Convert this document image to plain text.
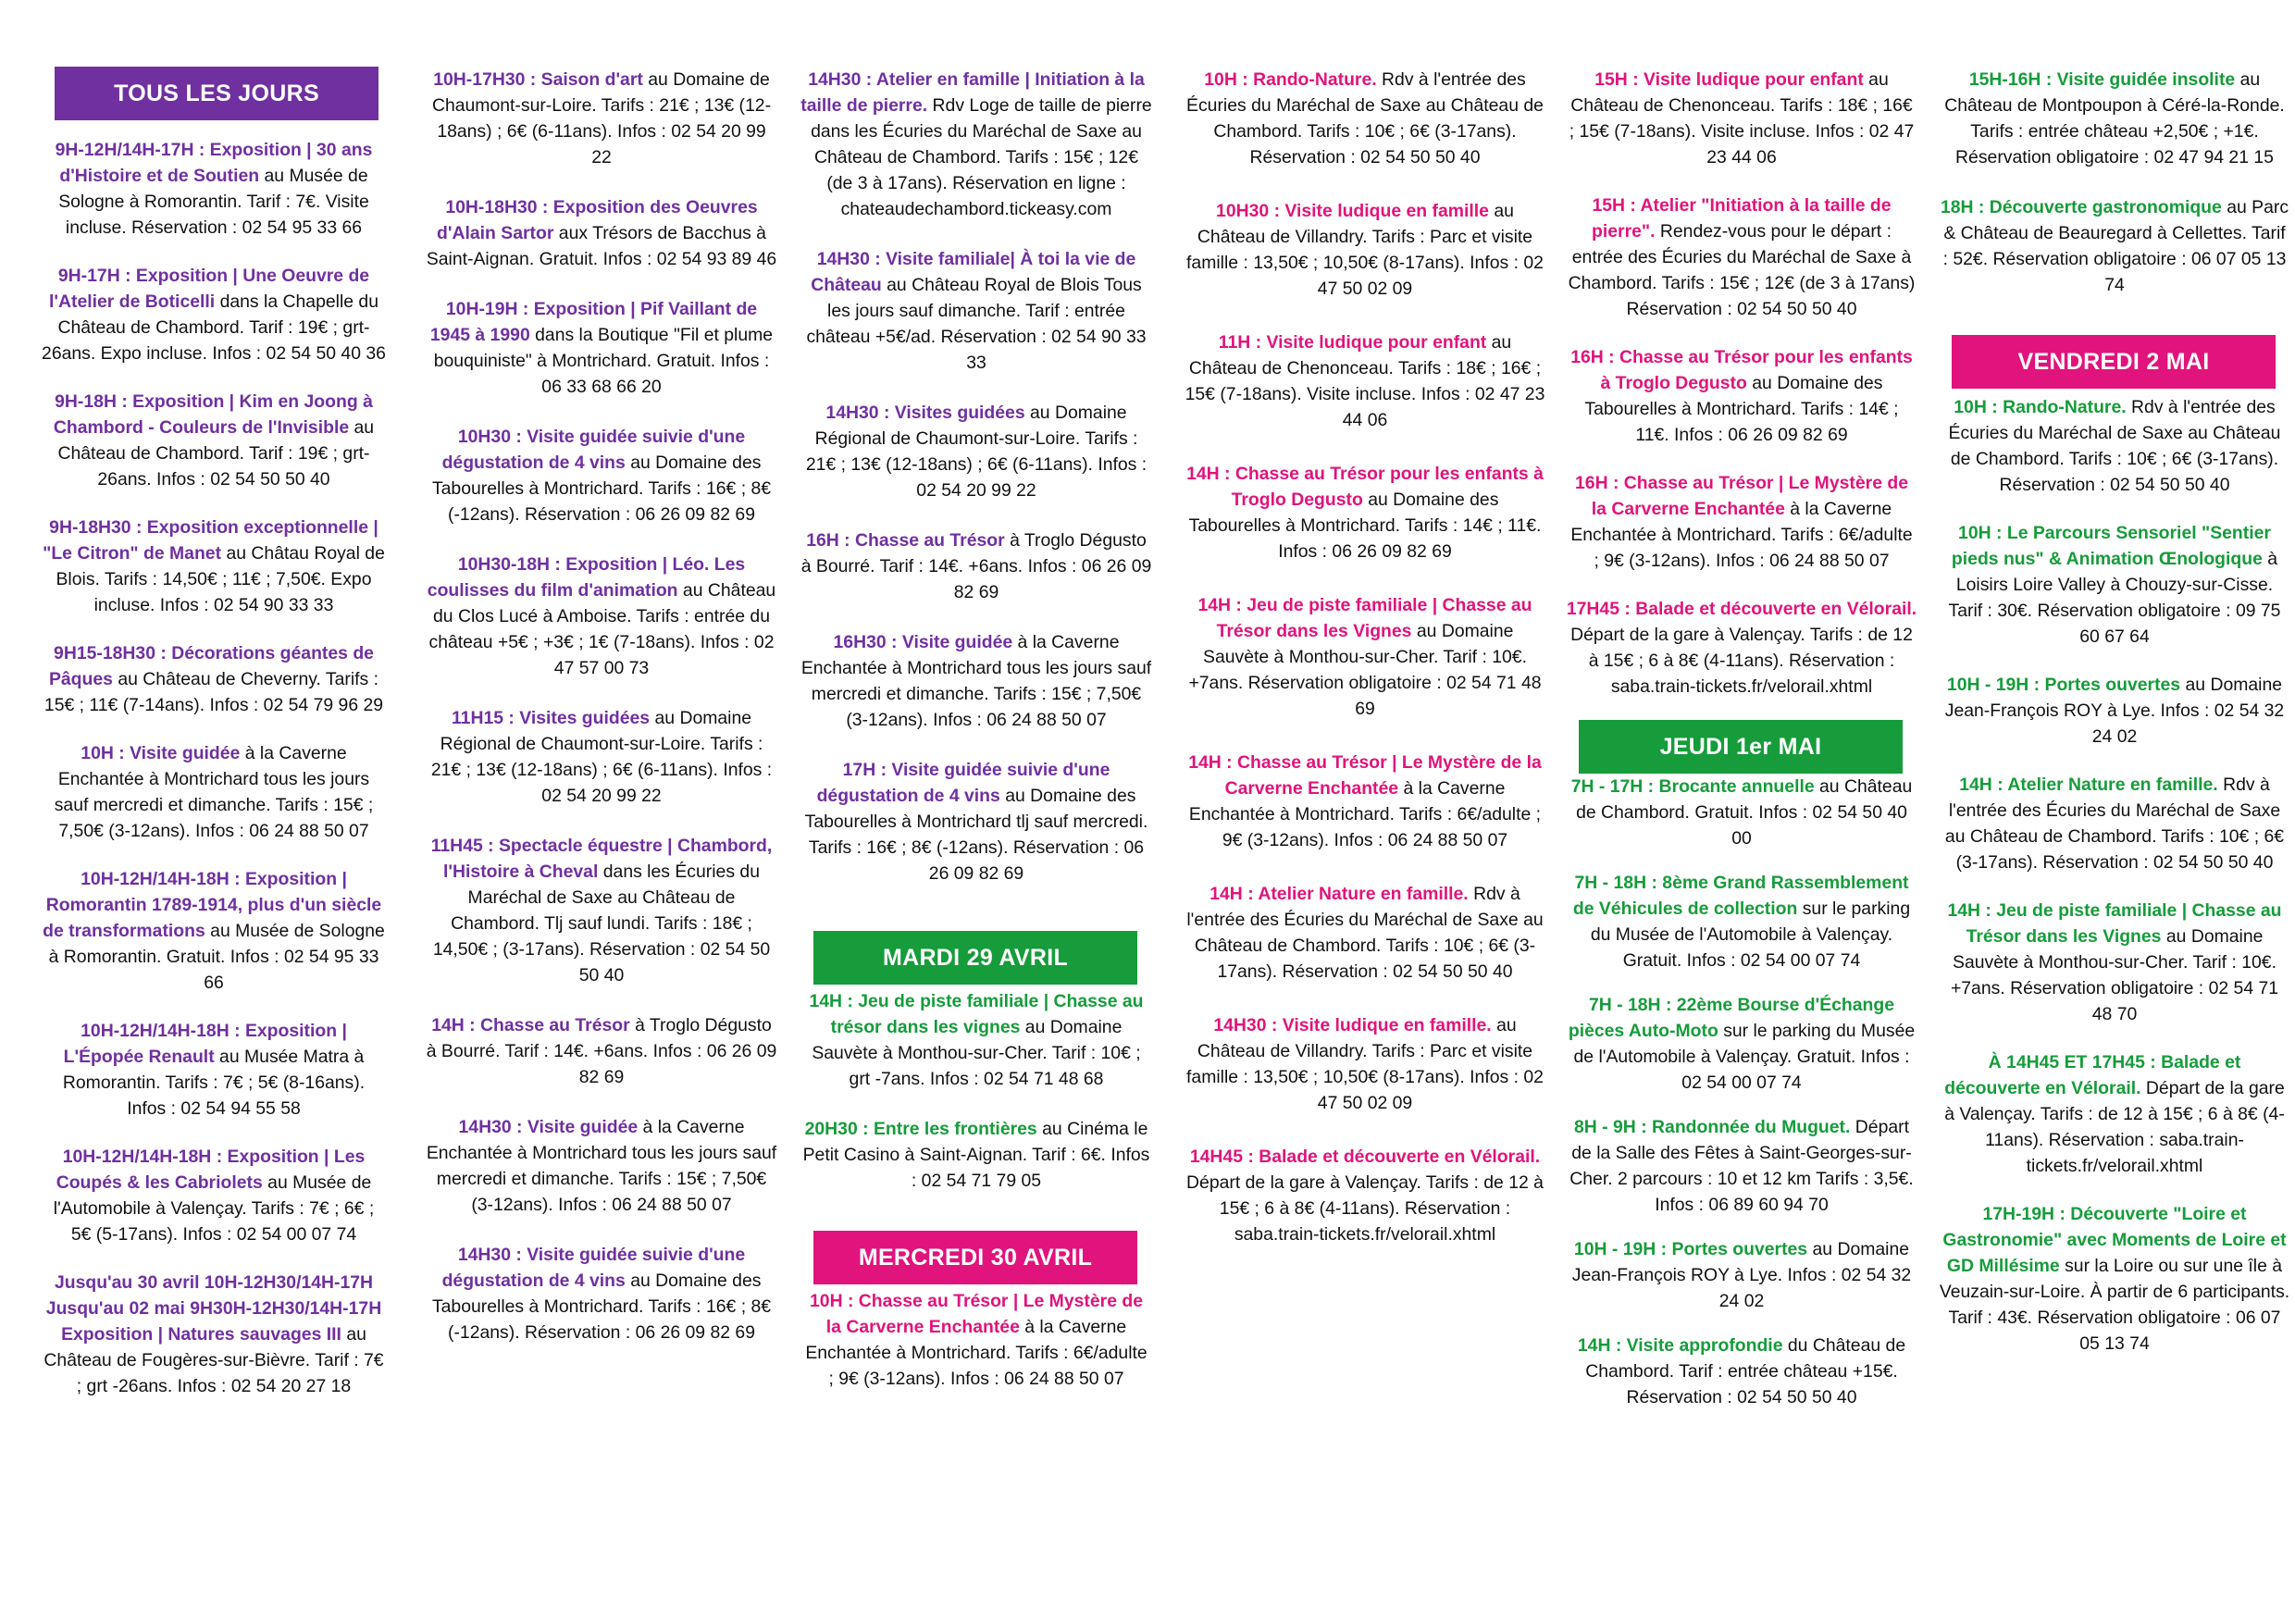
TOUS LES JOURS

9H-12H/14H-17H : Exposition | 30 ans d'Histoire et de Soutien au Musée de Sologne à Romorantin. Tarif : 7€. Visite incluse. Réservation : 02 54 95 33 66

9H-17H : Exposition | Une Oeuvre de l'Atelier de Boticelli dans la Chapelle du Château de Chambord. Tarif : 19€ ; grt-26ans. Expo incluse. Infos : 02 54 50 40 36

9H-18H : Exposition | Kim en Joong à Chambord - Couleurs de l'Invisible au Château de Chambord. Tarif : 19€ ; grt-26ans. Infos : 02 54 50 50 40

9H-18H30 : Exposition exceptionnelle | "Le Citron" de Manet au Châtau Royal de Blois. Tarifs : 14,50€ ; 11€ ; 7,50€. Expo incluse. Infos : 02 54 90 33 33

9H15-18H30 : Décorations géantes de Pâques au Château de Cheverny. Tarifs : 15€ ; 11€ (7-14ans). Infos : 02 54 79 96 29

10H : Visite guidée à la Caverne Enchantée à Montrichard tous les jours sauf mercredi et dimanche. Tarifs : 15€ ; 7,50€ (3-12ans). Infos : 06 24 88 50 07

10H-12H/14H-18H : Exposition | Romorantin 1789-1914, plus d'un siècle de transformations au Musée de Sologne à Romorantin. Gratuit. Infos : 02 54 95 33 66

10H-12H/14H-18H : Exposition | L'Épopée Renault au Musée Matra à Romorantin. Tarifs : 7€ ; 5€ (8-16ans). Infos : 02 54 94 55 58

10H-12H/14H-18H : Exposition | Les Coupés & les Cabriolets au Musée de l'Automobile à Valençay. Tarifs : 7€ ; 6€ ; 5€ (5-17ans). Infos : 02 54 00 07 74

Jusqu'au 30 avril 10H-12H30/14H-17H Jusqu'au 02 mai 9H30H-12H30/14H-17H Exposition | Natures sauvages III au Château de Fougères-sur-Bièvre. Tarif : 7€ ; grt -26ans. Infos : 02 54 20 27 18

10H-17H30 : Saison d'art au Domaine de Chaumont-sur-Loire. Tarifs : 21€ ; 13€ (12-18ans) ; 6€ (6-11ans). Infos : 02 54 20 99 22

10H-18H30 : Exposition des Oeuvres d'Alain Sartor aux Trésors de Bacchus à Saint-Aignan. Gratuit. Infos : 02 54 93 89 46

10H-19H : Exposition | Pif Vaillant de 1945 à 1990 dans la Boutique "Fil et plume bouquiniste" à Montrichard. Gratuit. Infos : 06 33 68 66 20

10H30 : Visite guidée suivie d'une dégustation de 4 vins au Domaine des Tabourelles à Montrichard. Tarifs : 16€ ; 8€ (-12ans). Réservation : 06 26 09 82 69

10H30-18H : Exposition | Léo. Les coulisses du film d'animation au Château du Clos Lucé à Amboise. Tarifs : entrée du château +5€ ; +3€ ; 1€ (7-18ans). Infos : 02 47 57 00 73

11H15 : Visites guidées au Domaine Régional de Chaumont-sur-Loire. Tarifs : 21€ ; 13€ (12-18ans) ; 6€ (6-11ans). Infos : 02 54 20 99 22

11H45 : Spectacle équestre | Chambord, l'Histoire à Cheval dans les Écuries du Maréchal de Saxe au Château de Chambord. Tlj sauf lundi. Tarifs : 18€ ; 14,50€ ; (3-17ans). Réservation : 02 54 50 50 40

14H : Chasse au Trésor à Troglo Dégusto à Bourré. Tarif : 14€. +6ans. Infos : 06 26 09 82 69

14H30 : Visite guidée à la Caverne Enchantée à Montrichard tous les jours sauf mercredi et dimanche. Tarifs : 15€ ; 7,50€ (3-12ans). Infos : 06 24 88 50 07

14H30 : Visite guidée suivie d'une dégustation de 4 vins au Domaine des Tabourelles à Montrichard. Tarifs : 16€ ; 8€ (-12ans). Réservation : 06 26 09 82 69

14H30 : Atelier en famille | Initiation à la taille de pierre. Rdv Loge de taille de pierre dans les Écuries du Maréchal de Saxe au Château de Chambord. Tarifs : 15€ ; 12€ (de 3 à 17ans). Réservation en ligne : chateaudechambord.tickeasy.com

14H30 : Visite familiale| À toi la vie de Château au Château Royal de Blois Tous les jours sauf dimanche. Tarif : entrée château +5€/ad. Réservation : 02 54 90 33 33

14H30 : Visites guidées au Domaine Régional de Chaumont-sur-Loire. Tarifs : 21€ ; 13€ (12-18ans) ; 6€ (6-11ans). Infos : 02 54 20 99 22

16H : Chasse au Trésor à Troglo Dégusto à Bourré. Tarif : 14€. +6ans. Infos : 06 26 09 82 69

16H30 : Visite guidée à la Caverne Enchantée à Montrichard tous les jours sauf mercredi et dimanche. Tarifs : 15€ ; 7,50€ (3-12ans). Infos : 06 24 88 50 07

17H : Visite guidée suivie d'une dégustation de 4 vins au Domaine des Tabourelles à Montrichard tlj sauf mercredi. Tarifs : 16€ ; 8€ (-12ans). Réservation : 06 26 09 82 69

MARDI 29 AVRIL

14H : Jeu de piste familiale | Chasse au trésor dans les vignes au Domaine Sauvète à Monthou-sur-Cher. Tarif : 10€ ; grt -7ans. Infos : 02 54 71 48 68

20H30 : Entre les frontières au Cinéma le Petit Casino à Saint-Aignan. Tarif : 6€. Infos : 02 54 71 79 05

MERCREDI 30 AVRIL

10H : Chasse au Trésor | Le Mystère de la Carverne Enchantée à la Caverne Enchantée à Montrichard. Tarifs : 6€/adulte ; 9€ (3-12ans). Infos : 06 24 88 50 07

10H : Rando-Nature. Rdv à l'entrée des Écuries du Maréchal de Saxe au Château de Chambord. Tarifs : 10€ ; 6€ (3-17ans). Réservation : 02 54 50 50 40

10H30 : Visite ludique en famille au Château de Villandry. Tarifs : Parc et visite famille : 13,50€ ; 10,50€ (8-17ans). Infos : 02 47 50 02 09

11H : Visite ludique pour enfant au Château de Chenonceau. Tarifs : 18€ ; 16€ ; 15€ (7-18ans). Visite incluse. Infos : 02 47 23 44 06

14H : Chasse au Trésor pour les enfants à Troglo Degusto au Domaine des Tabourelles à Montrichard. Tarifs : 14€ ; 11€. Infos : 06 26 09 82 69

14H : Jeu de piste familiale | Chasse au Trésor dans les Vignes au Domaine Sauvète à Monthou-sur-Cher. Tarif : 10€. +7ans. Réservation obligatoire : 02 54 71 48 69

14H : Chasse au Trésor | Le Mystère de la Carverne Enchantée à la Caverne Enchantée à Montrichard. Tarifs : 6€/adulte ; 9€ (3-12ans). Infos : 06 24 88 50 07

14H : Atelier Nature en famille. Rdv à l'entrée des Écuries du Maréchal de Saxe au Château de Chambord. Tarifs : 10€ ; 6€ (3-17ans). Réservation : 02 54 50 50 40

14H30 : Visite ludique en famille. au Château de Villandry. Tarifs : Parc et visite famille : 13,50€ ; 10,50€ (8-17ans). Infos : 02 47 50 02 09

14H45 : Balade et découverte en Vélorail. Départ de la gare à Valençay. Tarifs : de 12 à 15€ ; 6 à 8€ (4-11ans). Réservation : saba.train-tickets.fr/velorail.xhtml

15H : Visite ludique pour enfant au Château de Chenonceau. Tarifs : 18€ ; 16€ ; 15€ (7-18ans). Visite incluse. Infos : 02 47 23 44 06

15H : Atelier "Initiation à la taille de pierre". Rendez-vous pour le départ : entrée des Écuries du Maréchal de Saxe à Chambord. Tarifs : 15€ ; 12€ (de 3 à 17ans) Réservation : 02 54 50 50 40

16H : Chasse au Trésor pour les enfants à Troglo Degusto au Domaine des Tabourelles à Montrichard. Tarifs : 14€ ; 11€. Infos : 06 26 09 82 69

16H : Chasse au Trésor | Le Mystère de la Carverne Enchantée à la Caverne Enchantée à Montrichard. Tarifs : 6€/adulte ; 9€ (3-12ans). Infos : 06 24 88 50 07

17H45 : Balade et découverte en Vélorail. Départ de la gare à Valençay. Tarifs : de 12 à 15€ ; 6 à 8€ (4-11ans). Réservation : saba.train-tickets.fr/velorail.xhtml

JEUDI 1er MAI

7H - 17H : Brocante annuelle au Château de Chambord. Gratuit. Infos : 02 54 50 40 00

7H - 18H : 8ème Grand Rassemblement de Véhicules de collection sur le parking du Musée de l'Automobile à Valençay. Gratuit. Infos : 02 54 00 07 74

7H - 18H : 22ème Bourse d'Échange pièces Auto-Moto sur le parking du Musée de l'Automobile à Valençay. Gratuit. Infos : 02 54 00 07 74

8H - 9H : Randonnée du Muguet. Départ de la Salle des Fêtes à Saint-Georges-sur-Cher. 2 parcours : 10 et 12 km Tarifs : 3,5€. Infos : 06 89 60 94 70

10H - 19H : Portes ouvertes au Domaine Jean-François ROY à Lye. Infos : 02 54 32 24 02

14H : Visite approfondie du Château de Chambord. Tarif : entrée château +15€. Réservation : 02 54 50 50 40

15H-16H : Visite guidée insolite au Château de Montpoupon à Céré-la-Ronde. Tarifs : entrée château +2,50€ ; +1€. Réservation obligatoire : 02 47 94 21 15

18H : Découverte gastronomique au Parc & Château de Beauregard à Cellettes. Tarif : 52€. Réservation obligatoire : 06 07 05 13 74

VENDREDI 2 MAI

10H : Rando-Nature. Rdv à l'entrée des Écuries du Maréchal de Saxe au Château de Chambord. Tarifs : 10€ ; 6€ (3-17ans). Réservation : 02 54 50 50 40

10H : Le Parcours Sensoriel "Sentier pieds nus" & Animation Œnologique à Loisirs Loire Valley à Chouzy-sur-Cisse. Tarif : 30€. Réservation obligatoire : 09 75 60 67 64

10H - 19H : Portes ouvertes au Domaine Jean-François ROY à Lye. Infos : 02 54 32 24 02

14H : Atelier Nature en famille. Rdv à l'entrée des Écuries du Maréchal de Saxe au Château de Chambord. Tarifs : 10€ ; 6€ (3-17ans). Réservation : 02 54 50 50 40

14H : Jeu de piste familiale | Chasse au Trésor dans les Vignes au Domaine Sauvète à Monthou-sur-Cher. Tarif : 10€. +7ans. Réservation obligatoire : 02 54 71 48 70

À 14H45 ET 17H45 : Balade et découverte en Vélorail. Départ de la gare à Valençay. Tarifs : de 12 à 15€ ; 6 à 8€ (4-11ans). Réservation : saba.train-tickets.fr/velorail.xhtml

17H-19H : Découverte "Loire et Gastronomie" avec Moments de Loire et GD Millésime sur la Loire ou sur une île à Veuzain-sur-Loire. À partir de 6 participants. Tarif : 43€. Réservation obligatoire : 06 07 05 13 74
